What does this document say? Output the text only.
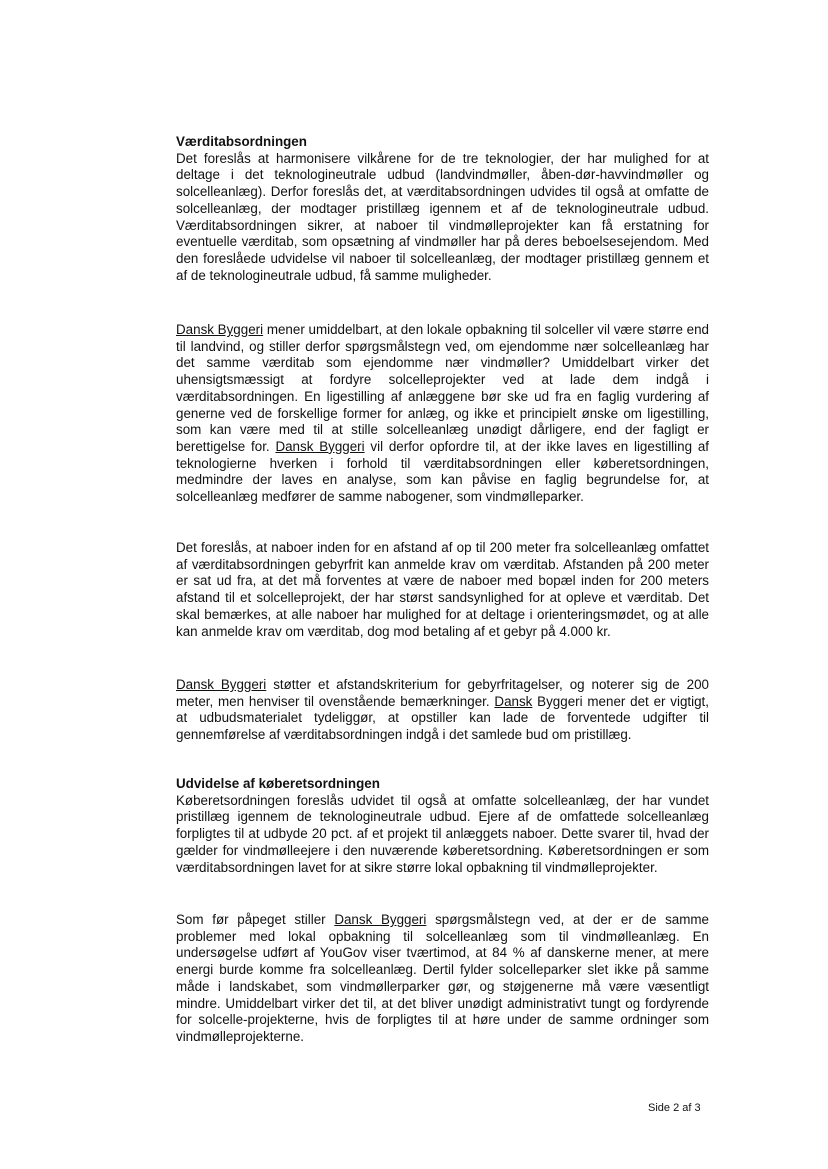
Værditabsordningen

Det foreslås at harmonisere vilkårene for de tre teknologier, der har mulighed for at deltage i det teknologineutrale udbud (landvindmøller, åben-dør-havvindmøller og solcelleanlæg). Derfor foreslås det, at værditabsordningen udvides til også at omfatte de solcelleanlæg, der modtager pristillæg igennem et af de teknologineutrale udbud. Værditabsordningen sikrer, at naboer til vindmølleprojekter kan få erstatning for eventuelle værditab, som opsætning af vindmøller har på deres beboelsesejendom. Med den foreslåede udvidelse vil naboer til solcelleanlæg, der modtager pristillæg gennem et af de teknologineutrale udbud, få samme muligheder.

Dansk Byggeri mener umiddelbart, at den lokale opbakning til solceller vil være større end til landvind, og stiller derfor spørgsmålstegn ved, om ejendomme nær solcelleanlæg har det samme værditab som ejendomme nær vindmøller? Umiddelbart virker det uhensigtsmæssigt at fordyre solcelleprojekter ved at lade dem indgå i værditabsordningen. En ligestilling af anlæggene bør ske ud fra en faglig vurdering af generne ved de forskellige former for anlæg, og ikke et principielt ønske om ligestilling, som kan være med til at stille solcelleanlæg unødigt dårligere, end der fagligt er berettigelse for. Dansk Byggeri vil derfor opfordre til, at der ikke laves en ligestilling af teknologierne hverken i forhold til værditabsordningen eller køberetsordningen, medmindre der laves en analyse, som kan påvise en faglig begrundelse for, at solcelleanlæg medfører de samme nabogener, som vindmølleparker.
Det foreslås, at naboer inden for en afstand af op til 200 meter fra solcelleanlæg omfattet af værditabsordningen gebyrfrit kan anmelde krav om værditab. Afstanden på 200 meter er sat ud fra, at det må forventes at være de naboer med bopæl inden for 200 meters afstand til et solcelleprojekt, der har størst sandsynlighed for at opleve et værditab. Det skal bemærkes, at alle naboer har mulighed for at deltage i orienteringsmødet, og at alle kan anmelde krav om værditab, dog mod betaling af et gebyr på 4.000 kr.
Dansk Byggeri støtter et afstandskriterium for gebyrfritagelser, og noterer sig de 200 meter, men henviser til ovenstående bemærkninger. Dansk Byggeri mener det er vigtigt, at udbudsmaterialet tydeliggør, at opstiller kan lade de forventede udgifter til gennemførelse af værditabsordningen indgå i det samlede bud om pristillæg.
Udvidelse af køberetsordningen

Køberetsordningen foreslås udvidet til også at omfatte solcelleanlæg, der har vundet pristillæg igennem de teknologineutrale udbud. Ejere af de omfattede solcelleanlæg forpligtes til at udbyde 20 pct. af et projekt til anlæggets naboer. Dette svarer til, hvad der gælder for vindmølleejere i den nuværende køberetsordning. Køberetsordningen er som værditabsordningen lavet for at sikre større lokal opbakning til vindmølleprojekter.

Som før påpeget stiller Dansk Byggeri spørgsmålstegn ved, at der er de samme problemer med lokal opbakning til solcelleanlæg som til vindmølleanlæg. En undersøgelse udført af YouGov viser tværtimod, at 84 % af danskerne mener, at mere energi burde komme fra solcelleanlæg. Dertil fylder solcelleparker slet ikke på samme måde i landskabet, som vindmøllerparker gør, og støjgenerne må være væsentligt mindre. Umiddelbart virker det til, at det bliver unødigt administrativt tungt og fordyrende for solcelle-projekterne, hvis de forpligtes til at høre under de samme ordninger som vindmølleprojekterne.
Side 2 af 3
